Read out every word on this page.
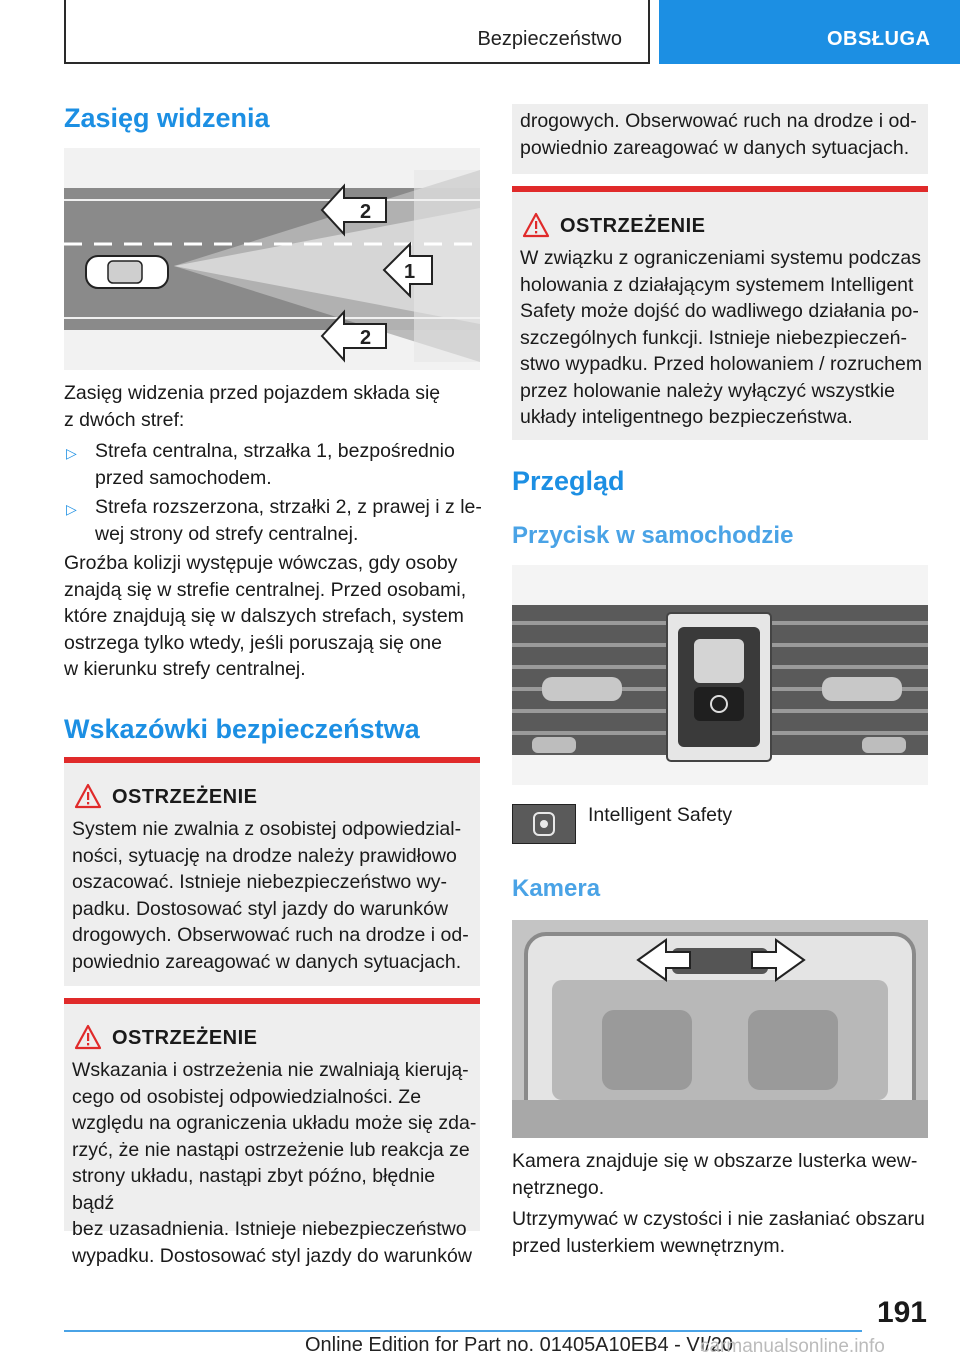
Bezpieczeństwo	OBSŁUGA
Zasięg widzenia
2
1
2
Zasięg widzenia przed pojazdem składa się
z dwóch stref:
▷ Strefa centralna, strzałka 1, bezpośrednio
przed samochodem.
▷ Strefa rozszerzona, strzałki 2, z prawej i z le-
wej strony od strefy centralnej.
Groźba kolizji występuje wówczas, gdy osoby
znajdą się w strefie centralnej. Przed osobami,
które znajdują się w dalszych strefach, system
ostrzega tylko wtedy, jeśli poruszają się one
w kierunku strefy centralnej.
Wskazówki bezpieczeństwa
OSTRZEŻENIE
System nie zwalnia z osobistej odpowiedzial-
ności, sytuację na drodze należy prawidłowo
oszacować. Istnieje niebezpieczeństwo wy-
padku. Dostosować styl jazdy do warunków
drogowych. Obserwować ruch na drodze i od-
powiednio zareagować w danych sytuacjach.
OSTRZEŻENIE
Wskazania i ostrzeżenia nie zwalniają kierują-
cego od osobistej odpowiedzialności. Ze
względu na ograniczenia układu może się zda-
rzyć, że nie nastąpi ostrzeżenie lub reakcja ze
strony układu, nastąpi zbyt późno, błędnie bądź
bez uzasadnienia. Istnieje niebezpieczeństwo
wypadku. Dostosować styl jazdy do warunków
drogowych. Obserwować ruch na drodze i od-
powiednio zareagować w danych sytuacjach.
OSTRZEŻENIE
W związku z ograniczeniami systemu podczas
holowania z działającym systemem Intelligent
Safety może dojść do wadliwego działania po-
szczególnych funkcji. Istnieje niebezpieczeń-
stwo wypadku. Przed holowaniem / rozruchem
przez holowanie należy wyłączyć wszystkie
układy inteligentnego bezpieczeństwa.
Przegląd
Przycisk w samochodzie
Intelligent Safety
Kamera
Kamera znajduje się w obszarze lusterka wew-
nętrznego.
Utrzymywać w czystości i nie zasłaniać obszaru
przed lusterkiem wewnętrznym.
191
Online Edition for Part no. 01405A10EB4 - VI/20
carmanualsonline.info
